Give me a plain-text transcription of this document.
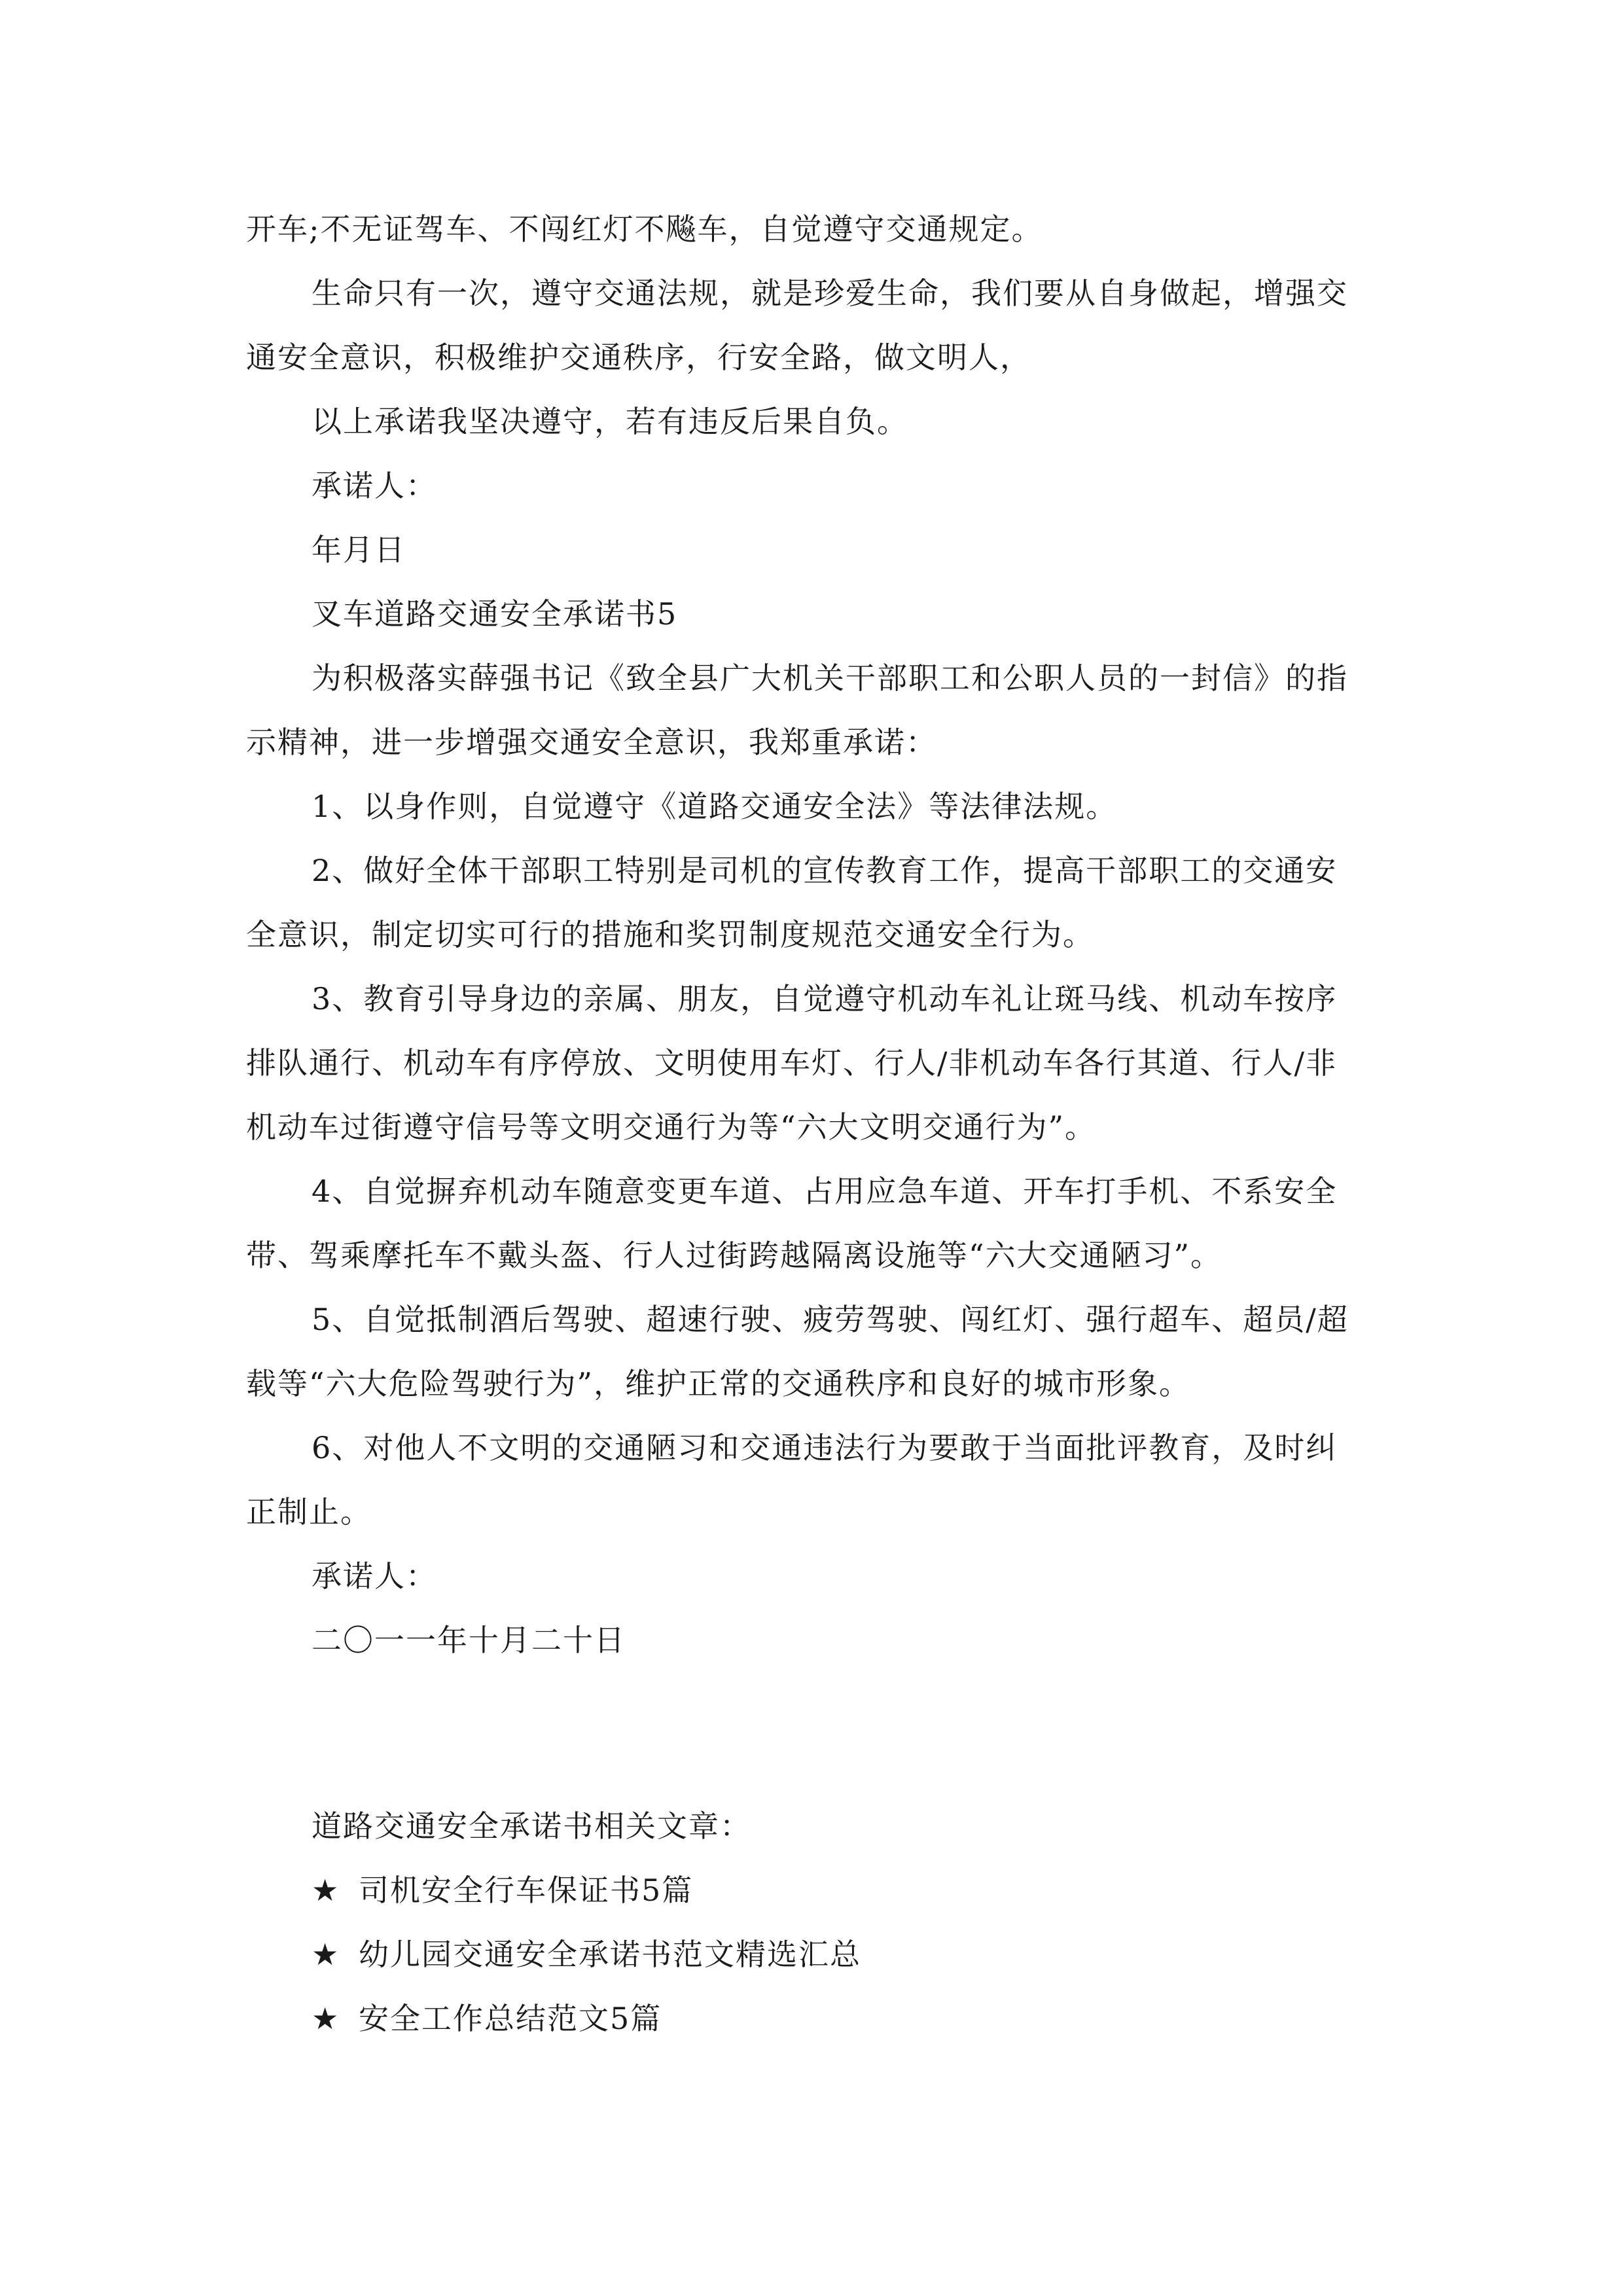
开车;不无证驾车、不闯红灯不飚车，自觉遵守交通规定。
生命只有一次，遵守交通法规，就是珍爱生命，我们要从自身做起，增强交
通安全意识，积极维护交通秩序，行安全路，做文明人，
以上承诺我坚决遵守，若有违反后果自负。
承诺人：
年月日
叉车道路交通安全承诺书5
为积极落实薛强书记《致全县广大机关干部职工和公职人员的一封信》的指
示精神，进一步增强交通安全意识，我郑重承诺：
1、以身作则，自觉遵守《道路交通安全法》等法律法规。
2、做好全体干部职工特别是司机的宣传教育工作，提高干部职工的交通安
全意识，制定切实可行的措施和奖罚制度规范交通安全行为。
3、教育引导身边的亲属、朋友，自觉遵守机动车礼让斑马线、机动车按序
排队通行、机动车有序停放、文明使用车灯、行人/非机动车各行其道、行人/非
机动车过街遵守信号等文明交通行为等“六大文明交通行为”。
4、自觉摒弃机动车随意变更车道、占用应急车道、开车打手机、不系安全
带、驾乘摩托车不戴头盔、行人过街跨越隔离设施等“六大交通陋习”。
5、自觉抵制酒后驾驶、超速行驶、疲劳驾驶、闯红灯、强行超车、超员/超
载等“六大危险驾驶行为”，维护正常的交通秩序和良好的城市形象。
6、对他人不文明的交通陋习和交通违法行为要敢于当面批评教育，及时纠
正制止。
承诺人：
二〇一一年十月二十日
道路交通安全承诺书相关文章：
★ 司机安全行车保证书5篇
★ 幼儿园交通安全承诺书范文精选汇总
★ 安全工作总结范文5篇
